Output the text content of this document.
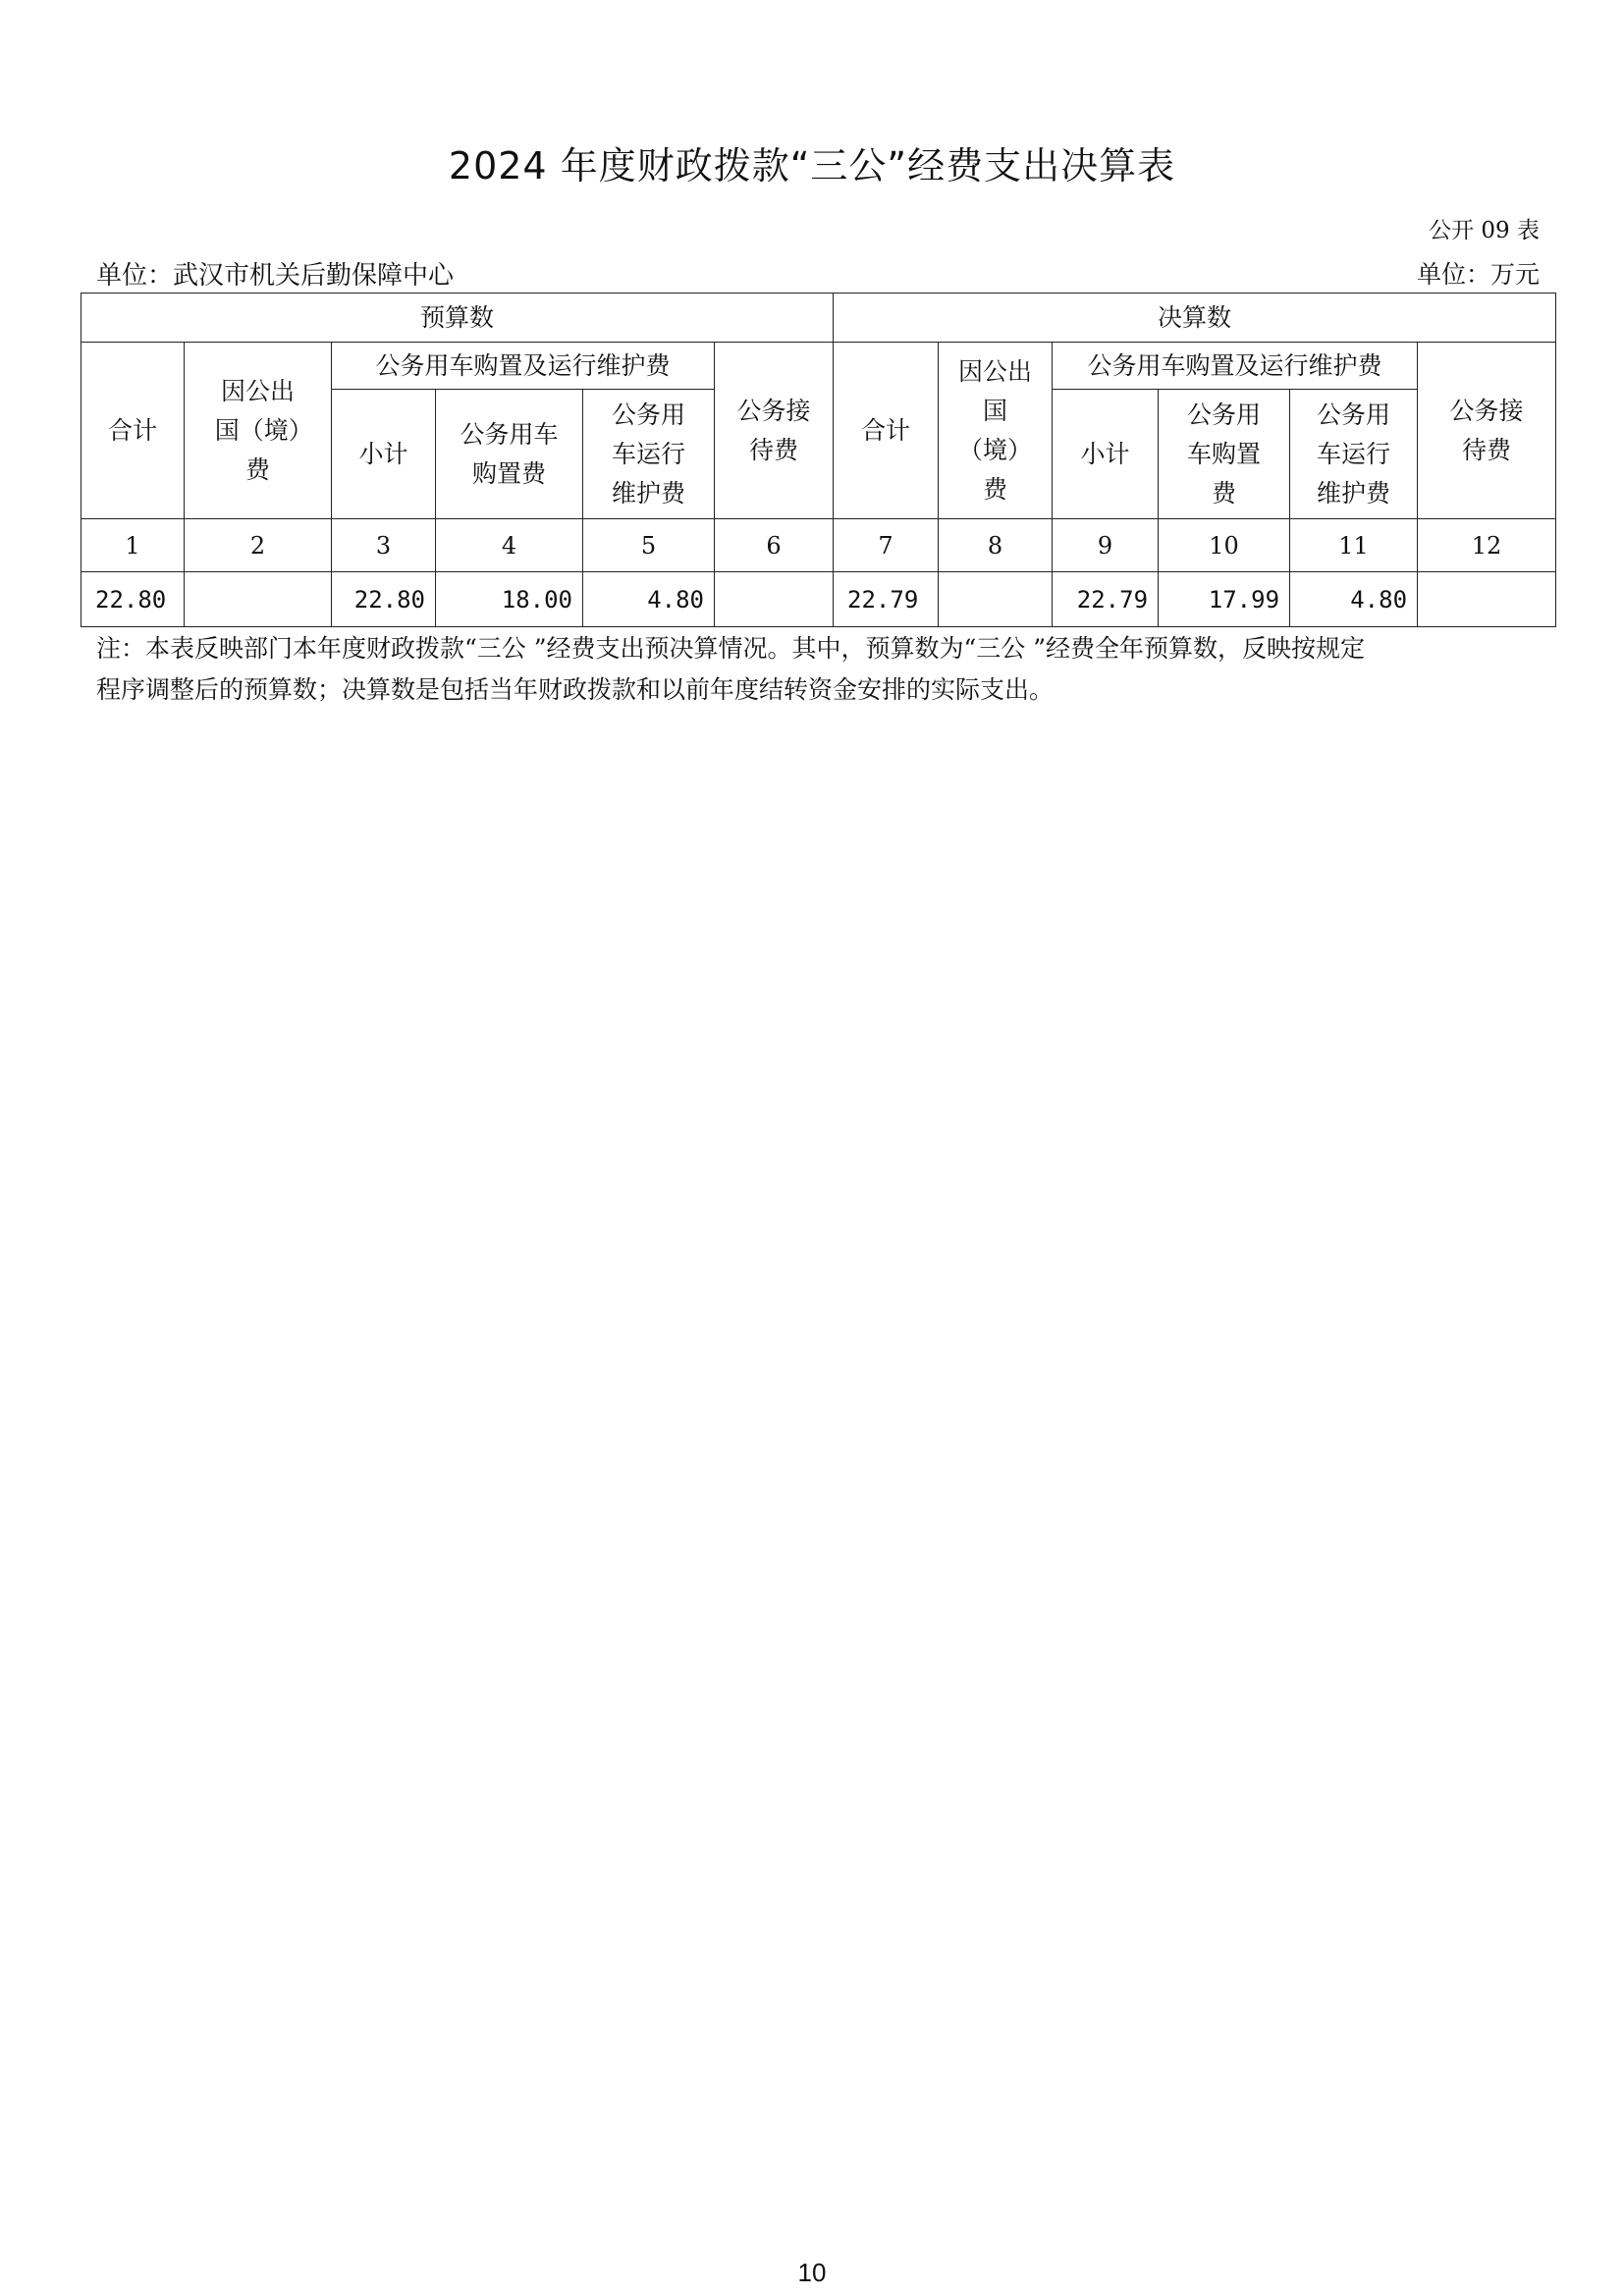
2024 年度财政拨款“三公”经费支出决算表
公开 09 表
单位：武汉市机关后勤保障中心	单位：万元
预算数						决算数					
合计	因公出国（境）费	公务用车购置及运行维护费			公务接待费	合计	因公出国（境）费	公务用车购置及运行维护费			公务接待费

		小计	公务用车购置费	公务用车运行维护费				小计	公务用车购置费	公务用车运行维护费	

1	2	3	4	5	6	7	8	9	10	11	12
22.80		22.80	18.00	4.80		22.79		22.79	17.99	4.80	
注：本表反映部门本年度财政拨款“三公 ”经费支出预决算情况。其中，预算数为“三公 ”经费全年预算数，反映按规定
程序调整后的预算数；决算数是包括当年财政拨款和以前年度结转资金安排的实际支出。
10
